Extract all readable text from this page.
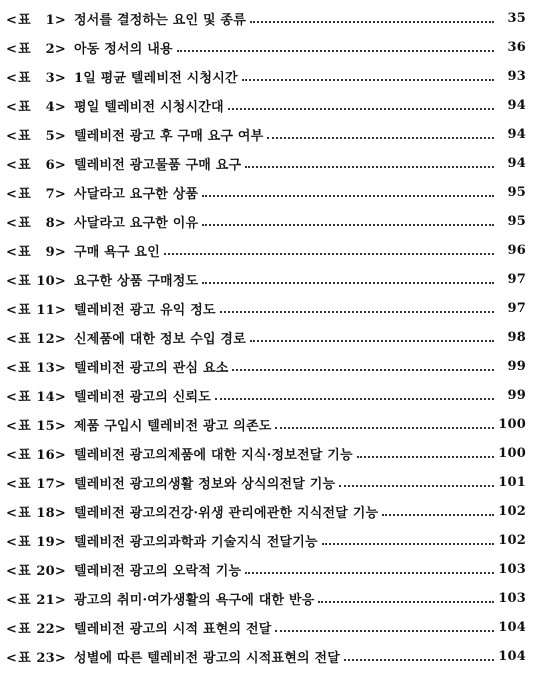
<표 1> 정서를 결정하는 요인 및 종류	35
<표 2> 아동 정서의 내용	36
<표 3> 1일 평균 텔레비전 시청시간	93
<표 4> 평일 텔레비전 시청시간대	94
<표 5> 텔레비전 광고 후 구매 요구 여부	94
<표 6> 텔레비전 광고물품 구매 요구	94
<표 7> 사달라고 요구한 상품	95
<표 8> 사달라고 요구한 이유	95
<표 9> 구매 욕구 요인	96
<표 10> 요구한 상품 구매정도	97
<표 11> 텔레비전 광고 유익 정도	97
<표 12> 신제품에 대한 정보 수입 경로	98
<표 13> 텔레비전 광고의 관심 요소	99
<표 14> 텔레비전 광고의 신뢰도	99
<표 15> 제품 구입시 텔레비전 광고 의존도	100
<표 16> 텔레비전 광고의제품에 대한 지식·정보전달 기능	100
<표 17> 텔레비전 광고의생활 정보와 상식의전달 기능	101
<표 18> 텔레비전 광고의건강·위생 관리에관한 지식전달 기능	102
<표 19> 텔레비전 광고의과학과 기술지식 전달기능	102
<표 20> 텔레비전 광고의 오락적 기능	103
<표 21> 광고의 취미·여가생활의 욕구에 대한 반응	103
<표 22> 텔레비전 광고의 시적 표현의 전달	104
<표 23> 성별에 따른 텔레비전 광고의 시적표현의 전달	104
